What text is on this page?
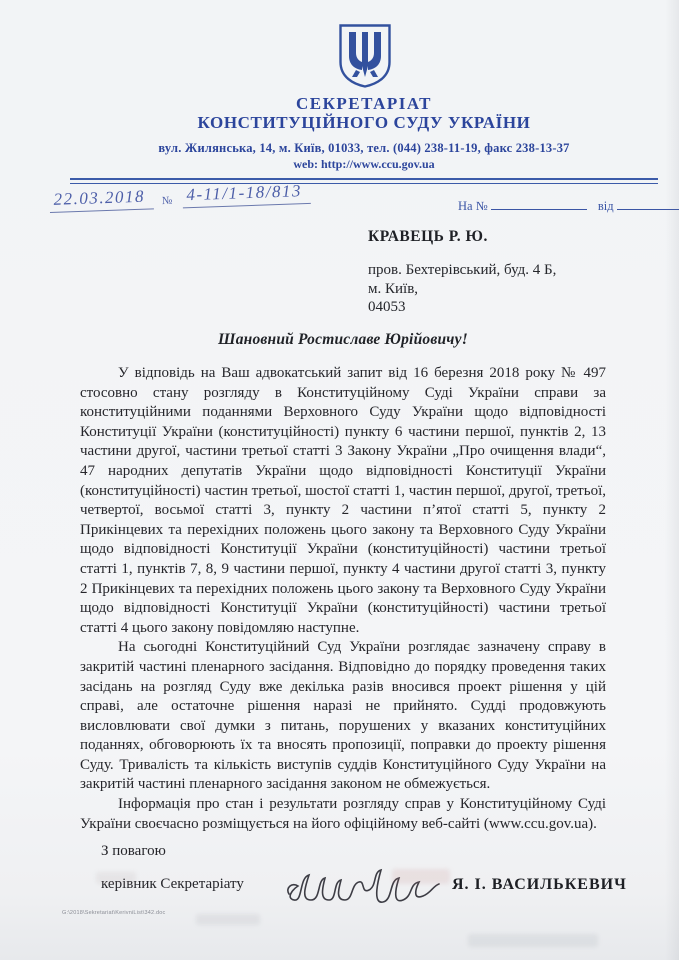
СЕКРЕТАРІАТ
КОНСТИТУЦІЙНОГО СУДУ УКРАЇНИ
вул. Жилянська, 14, м. Київ, 01033, тел. (044) 238-11-19, факс 238-13-37
web: http://www.ccu.gov.ua
22.03.2018 № 4-11/1-18/813
На №	від
КРАВЕЦЬ Р. Ю.
пров. Бехтерівський, буд. 4 Б,
м. Київ,
04053
Шановний Ростиславе Юрійовичу!

У відповідь на Ваш адвокатський запит від 16 березня 2018 року № 497 стосовно стану розгляду в Конституційному Суді України справи за конституційними поданнями Верховного Суду України щодо відповідності Конституції України (конституційності) пункту 6 частини першої, пунктів 2, 13 частини другої, частини третьої статті 3 Закону України „Про очищення влади“, 47 народних депутатів України щодо відповідності Конституції України (конституційності) частин третьої, шостої статті 1, частин першої, другої, третьої, четвертої, восьмої статті 3, пункту 2 частини п’ятої статті 5, пункту 2 Прикінцевих та перехідних положень цього закону та Верховного Суду України щодо відповідності Конституції України (конституційності) частини третьої статті 1, пунктів 7, 8, 9 частини першої, пункту 4 частини другої статті 3, пункту 2 Прикінцевих та перехідних положень цього закону та Верховного Суду України щодо відповідності Конституції України (конституційності) частини третьої статті 4 цього закону повідомляю наступне.

На сьогодні Конституційний Суд України розглядає зазначену справу в закритій частині пленарного засідання. Відповідно до порядку проведення таких засідань на розгляд Суду вже декілька разів вносився проект рішення у цій справі, але остаточне рішення наразі не прийнято. Судді продовжують висловлювати свої думки з питань, порушених у вказаних конституційних поданнях, обговорюють їх та вносять пропозиції, поправки до проекту рішення Суду. Тривалість та кількість виступів суддів Конституційного Суду України на закритій частині пленарного засідання законом не обмежується.

Інформація про стан і результати розгляду справ у Конституційному Суді України своєчасно розміщується на його офіційному веб-сайті (www.ccu.gov.ua).

З повагою
керівник Секретаріату	Я. І. ВАСИЛЬКЕВИЧ
G:\2018\Sekretariat\KerivniList\342.doc
